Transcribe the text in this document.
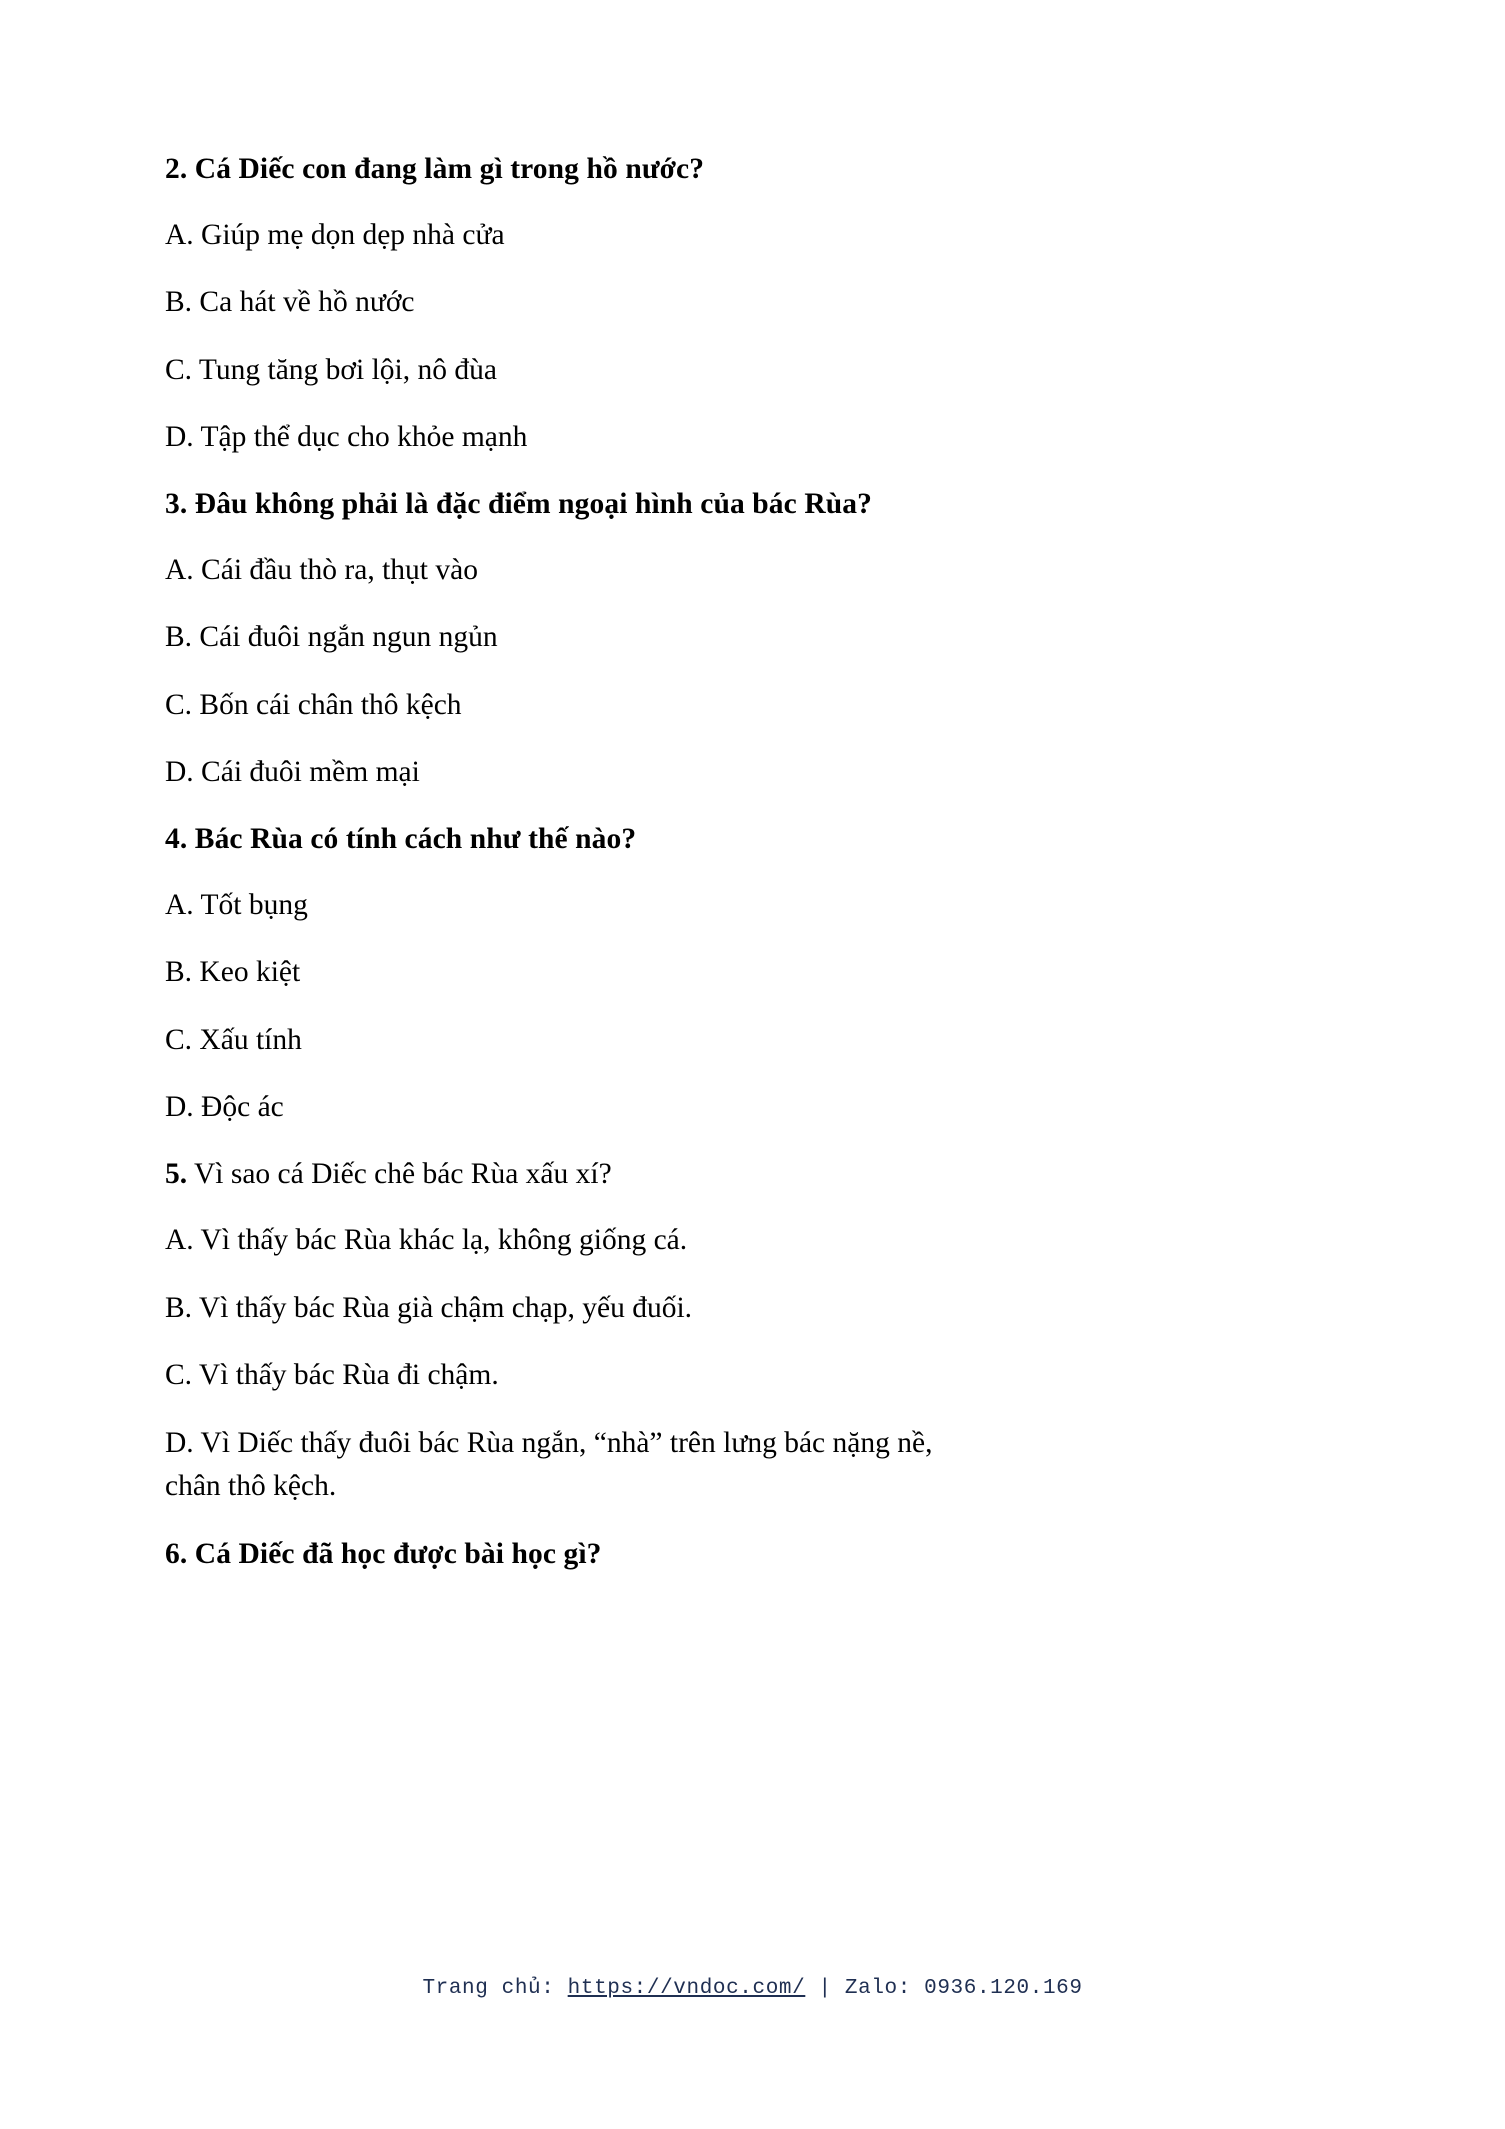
2. Cá Diếc con đang làm gì trong hồ nước?
A. Giúp mẹ dọn dẹp nhà cửa
B. Ca hát về hồ nước
C. Tung tăng bơi lội, nô đùa
D. Tập thể dục cho khỏe mạnh
3. Đâu không phải là đặc điểm ngoại hình của bác Rùa?
A. Cái đầu thò ra, thụt vào
B. Cái đuôi ngắn ngun ngủn
C. Bốn cái chân thô kệch
D. Cái đuôi mềm mại
4. Bác Rùa có tính cách như thế nào?
A. Tốt bụng
B. Keo kiệt
C. Xấu tính
D. Độc ác
5. Vì sao cá Diếc chê bác Rùa xấu xí?
A. Vì thấy bác Rùa khác lạ, không giống cá.
B. Vì thấy bác Rùa già chậm chạp, yếu đuối.
C. Vì thấy bác Rùa đi chậm.
D. Vì Diếc thấy đuôi bác Rùa ngắn, “nhà” trên lưng bác nặng nề, chân thô kệch.
6. Cá Diếc đã học được bài học gì?
Trang chủ: https://vndoc.com/ | Zalo: 0936.120.169
